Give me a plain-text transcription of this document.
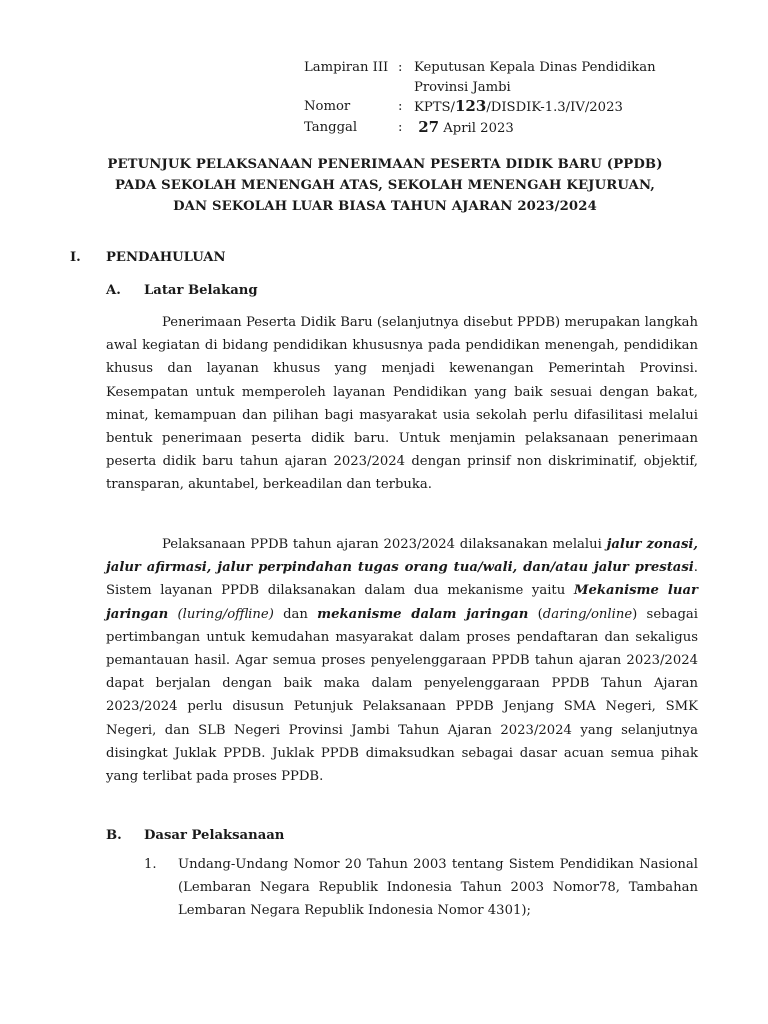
Lampiran III : Keputusan Kepala Dinas Pendidikan
Provinsi Jambi
Nomor	: KPTS/123/DISDIK-1.3/IV/2023
Tanggal	:	27 April 2023
PETUNJUK PELAKSANAAN PENERIMAAN PESERTA DIDIK BARU (PPDB)
PADA SEKOLAH MENENGAH ATAS, SEKOLAH MENENGAH KEJURUAN,
DAN SEKOLAH LUAR BIASA TAHUN AJARAN 2023/2024
I. PENDAHULUAN
A. Latar Belakang

Penerimaan Peserta Didik Baru (selanjutnya disebut PPDB) merupakan langkah awal kegiatan di bidang pendidikan khususnya pada pendidikan menengah, pendidikan khusus dan layanan khusus yang menjadi kewenangan Pemerintah Provinsi. Kesempatan untuk memperoleh layanan Pendidikan yang baik sesuai dengan bakat, minat, kemampuan dan pilihan bagi masyarakat usia sekolah perlu difasilitasi melalui bentuk penerimaan peserta didik baru. Untuk menjamin pelaksanaan penerimaan peserta didik baru tahun ajaran 2023/2024 dengan prinsif non diskriminatif, objektif, transparan, akuntabel, berkeadilan dan terbuka.

Pelaksanaan PPDB tahun ajaran 2023/2024 dilaksanakan melalui jalur zonasi, jalur afirmasi, jalur perpindahan tugas orang tua/wali, dan/atau jalur prestasi. Sistem layanan PPDB dilaksanakan dalam dua mekanisme yaitu Mekanisme luar jaringan (luring/offline) dan mekanisme dalam jaringan (daring/online) sebagai pertimbangan untuk kemudahan masyarakat dalam proses pendaftaran dan sekaligus pemantauan hasil. Agar semua proses penyelenggaraan PPDB tahun ajaran 2023/2024 dapat berjalan dengan baik maka dalam penyelenggaraan PPDB Tahun Ajaran 2023/2024 perlu disusun Petunjuk Pelaksanaan PPDB Jenjang SMA Negeri, SMK Negeri, dan SLB Negeri Provinsi Jambi Tahun Ajaran 2023/2024 yang selanjutnya disingkat Juklak PPDB. Juklak PPDB dimaksudkan sebagai dasar acuan semua pihak yang terlibat pada proses PPDB.

B. Dasar Pelaksanaan
1. Undang-Undang Nomor 20 Tahun 2003 tentang Sistem Pendidikan Nasional (Lembaran Negara Republik Indonesia Tahun 2003 Nomor78, Tambahan Lembaran Negara Republik Indonesia Nomor 4301);
